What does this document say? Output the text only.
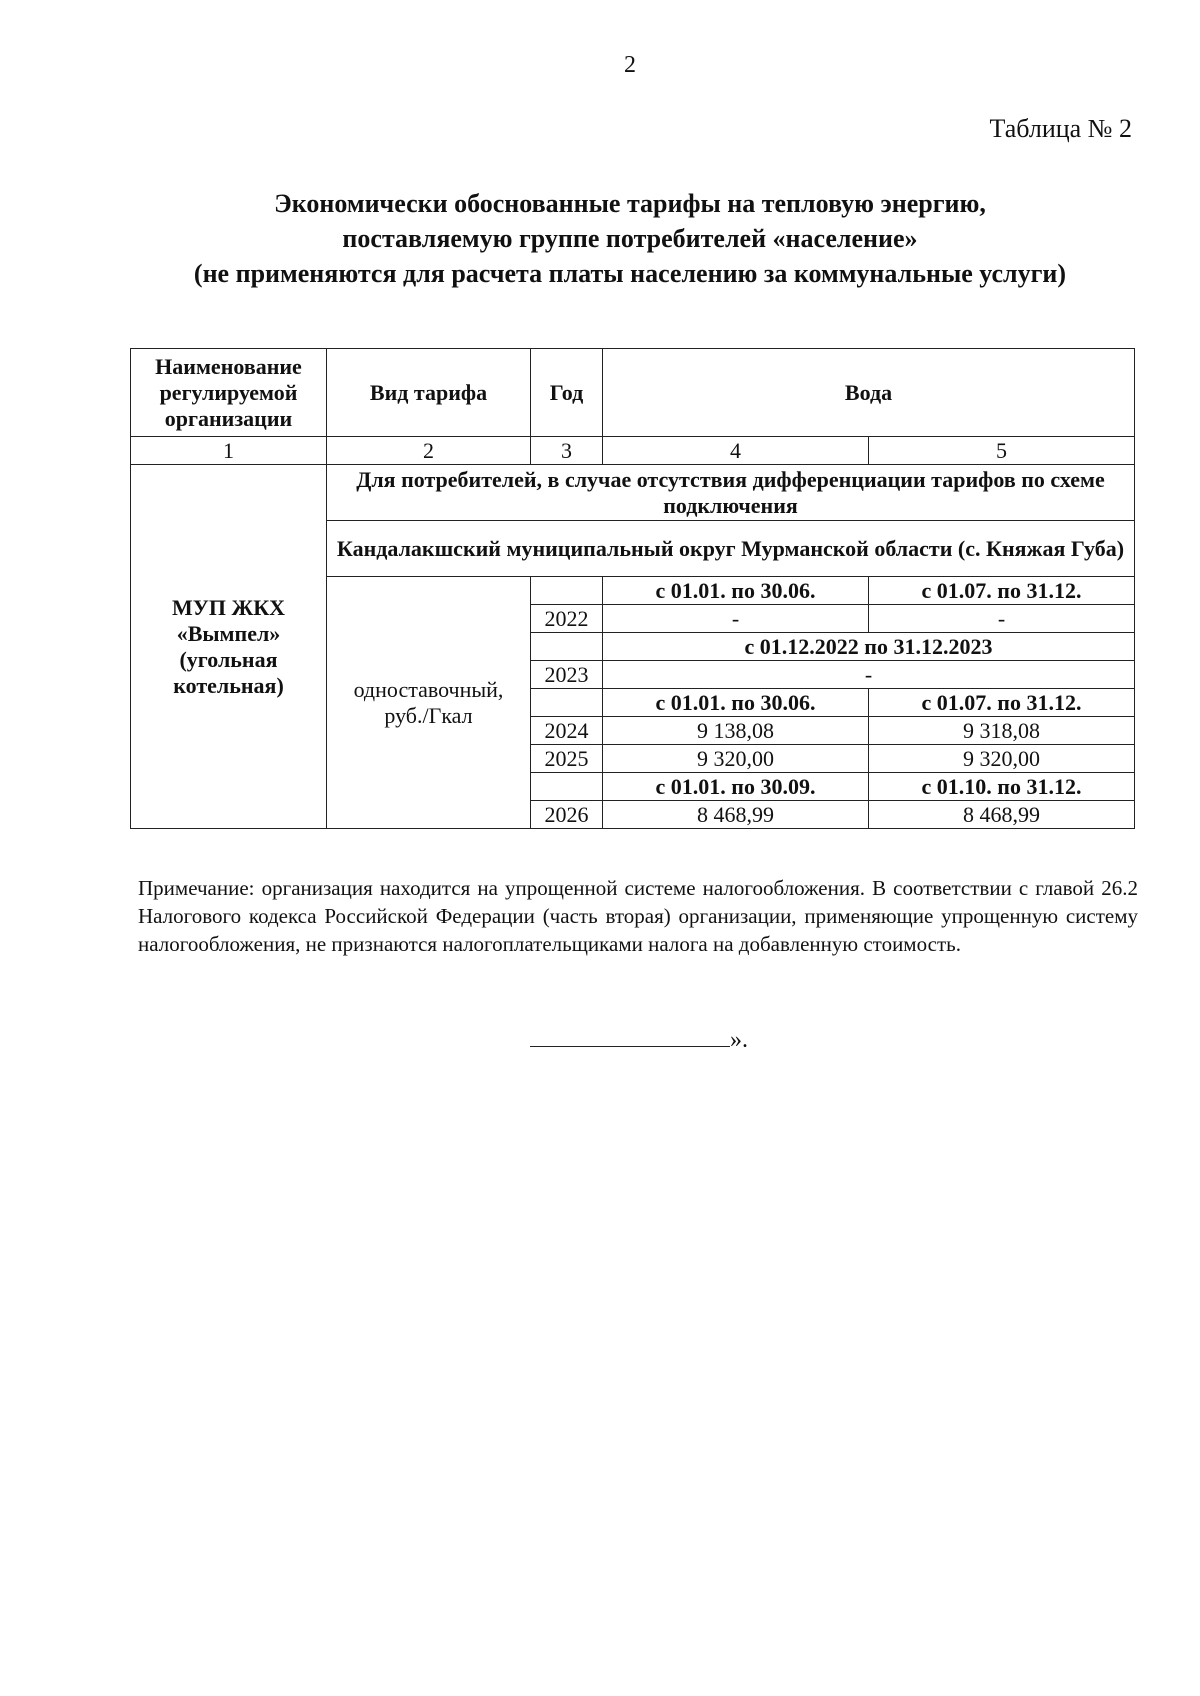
2
Таблица № 2
Экономически обоснованные тарифы на тепловую энергию,
поставляемую группе потребителей «население»
(не применяются для расчета платы населению за коммунальные услуги)
Наименование регулируемой организации	Вид тарифа	Год	Вода	
1	2	3	4	5
МУП ЖКХ «Вымпел» (угольная котельная)	Для потребителей, в случае отсутствия дифференциации тарифов по схеме подключения			
	Кандалакшский муниципальный округ Мурманской области (с. Княжая Губа)			
	одноставочный, руб./Гкал		с 01.01. по 30.06.	с 01.07. по 31.12.
		2022	-	-
			с 01.12.2022 по 31.12.2023	
		2023	-	
			с 01.01. по 30.06.	с 01.07. по 31.12.
		2024	9 138,08	9 318,08
		2025	9 320,00	9 320,00
			с 01.01. по 30.09.	с 01.10. по 31.12.
		2026	8 468,99	8 468,99
Примечание: организация находится на упрощенной системе налогообложения. В соответствии с главой 26.2 Налогового кодекса Российской Федерации (часть вторая) организации, применяющие упрощенную систему налогообложения, не признаются налогоплательщиками налога на добавленную стоимость.
».
